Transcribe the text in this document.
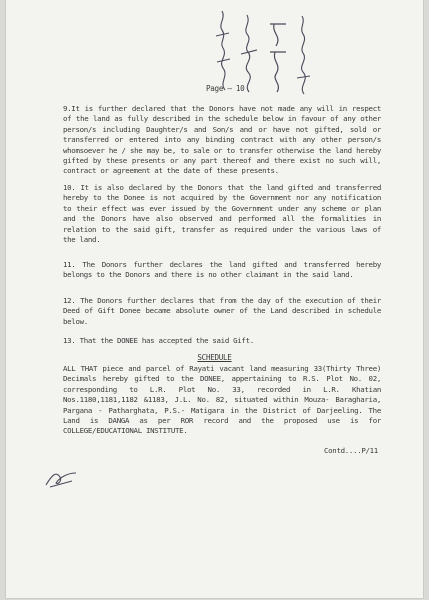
Page – 10
9.It is further declared that the Donors have not made any will in respect of the land as fully described in the schedule below in favour of any other person/s including Daughter/s and Son/s and or have not gifted, sold or transferred or entered into any binding contract with any other person/s whomsoever he / she may be, to sale or to transfer otherwise the land hereby gifted by these presents or any part thereof and there exist no such will, contract or agreement at the date of these presents.
10. It is also declared by the Donors that the land gifted and transferred hereby to the Donee is not acquired by the Government nor any notification to their effect was ever issued by the Government under any scheme or plan and the Donors have also observed and performed all the formalities in relation to the said gift, transfer as required under the various laws of the land.
11. The Donors further declares the land gifted and transferred hereby belongs to the Donors and there is no other claimant in the said land.
12. The Donors further declares that from the day of the execution of their Deed of Gift Donee became absolute owner of the Land described in schedule below.
13. That the DONEE has accepted the said Gift.
SCHEDULE
ALL THAT piece and parcel of Rayati vacant land measuring 33(Thirty Three) Decimals hereby gifted to the DONEE, appertaining to R.S. Plot No. 02, corresponding to L.R. Plot No. 33, recorded in L.R. Khatian Nos.1180,1181,1182 &1183, J.L. No. 82, situated within Mouza- Baragharia, Pargana - Patharghata, P.S.- Matigara in the District of Darjeeling. The Land is DANGA as per ROR record and the proposed use is for COLLEGE/EDUCATIONAL INSTITUTE.
Contd....P/11
